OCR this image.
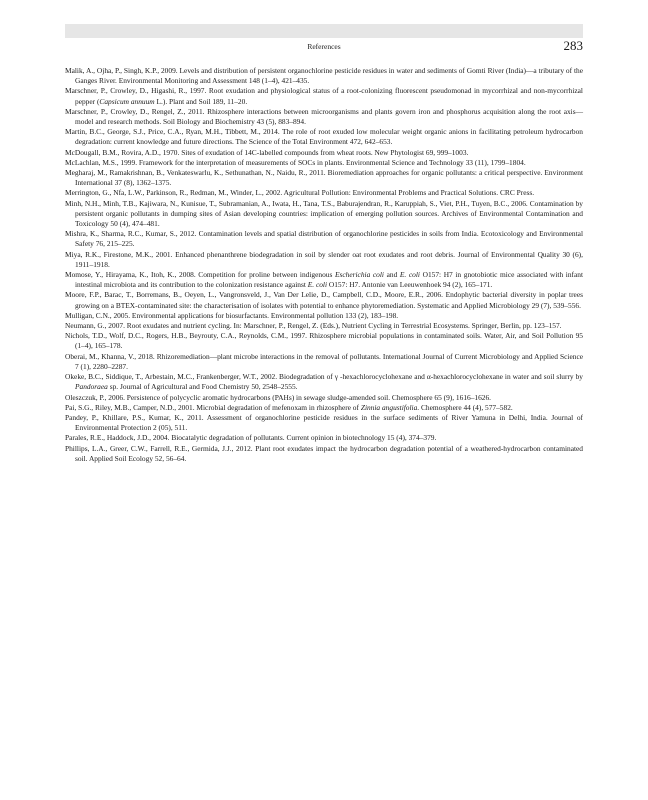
References	283
Malik, A., Ojha, P., Singh, K.P., 2009. Levels and distribution of persistent organochlorine pesticide residues in water and sediments of Gomti River (India)—a tributary of the Ganges River. Environmental Monitoring and Assessment 148 (1–4), 421–435.
Marschner, P., Crowley, D., Higashi, R., 1997. Root exudation and physiological status of a root-colonizing fluorescent pseudomonad in mycorrhizal and non-mycorrhizal pepper (Capsicum annuum L.). Plant and Soil 189, 11–20.
Marschner, P., Crowley, D., Rengel, Z., 2011. Rhizosphere interactions between microorganisms and plants govern iron and phosphorus acquisition along the root axis—model and research methods. Soil Biology and Biochemistry 43 (5), 883–894.
Martin, B.C., George, S.J., Price, C.A., Ryan, M.H., Tibbett, M., 2014. The role of root exuded low molecular weight organic anions in facilitating petroleum hydrocarbon degradation: current knowledge and future directions. The Science of the Total Environment 472, 642–653.
McDougall, B.M., Rovira, A.D., 1970. Sites of exudation of 14C-labelled compounds from wheat roots. New Phytologist 69, 999–1003.
McLachlan, M.S., 1999. Framework for the interpretation of measurements of SOCs in plants. Environmental Science and Technology 33 (11), 1799–1804.
Megharaj, M., Ramakrishnan, B., Venkateswarlu, K., Sethunathan, N., Naidu, R., 2011. Bioremediation approaches for organic pollutants: a critical perspective. Environment International 37 (8), 1362–1375.
Merrington, G., Nfa, L.W., Parkinson, R., Redman, M., Winder, L., 2002. Agricultural Pollution: Environmental Problems and Practical Solutions. CRC Press.
Minh, N.H., Minh, T.B., Kajiwara, N., Kunisue, T., Subramanian, A., Iwata, H., Tana, T.S., Baburajendran, R., Karuppiah, S., Viet, P.H., Tuyen, B.C., 2006. Contamination by persistent organic pollutants in dumping sites of Asian developing countries: implication of emerging pollution sources. Archives of Environmental Contamination and Toxicology 50 (4), 474–481.
Mishra, K., Sharma, R.C., Kumar, S., 2012. Contamination levels and spatial distribution of organochlorine pesticides in soils from India. Ecotoxicology and Environmental Safety 76, 215–225.
Miya, R.K., Firestone, M.K., 2001. Enhanced phenanthrene biodegradation in soil by slender oat root exudates and root debris. Journal of Environmental Quality 30 (6), 1911–1918.
Momose, Y., Hirayama, K., Itoh, K., 2008. Competition for proline between indigenous Escherichia coli and E. coli O157: H7 in gnotobiotic mice associated with infant intestinal microbiota and its contribution to the colonization resistance against E. coli O157: H7. Antonie van Leeuwenhoek 94 (2), 165–171.
Moore, F.P., Barac, T., Borremans, B., Oeyen, L., Vangronsveld, J., Van Der Lelie, D., Campbell, C.D., Moore, E.R., 2006. Endophytic bacterial diversity in poplar trees growing on a BTEX-contaminated site: the characterisation of isolates with potential to enhance phytoremediation. Systematic and Applied Microbiology 29 (7), 539–556.
Mulligan, C.N., 2005. Environmental applications for biosurfactants. Environmental pollution 133 (2), 183–198.
Neumann, G., 2007. Root exudates and nutrient cycling. In: Marschner, P., Rengel, Z. (Eds.), Nutrient Cycling in Terrestrial Ecosystems. Springer, Berlin, pp. 123–157.
Nichols, T.D., Wolf, D.C., Rogers, H.B., Beyrouty, C.A., Reynolds, C.M., 1997. Rhizosphere microbial populations in contaminated soils. Water, Air, and Soil Pollution 95 (1–4), 165–178.
Oberai, M., Khanna, V., 2018. Rhizoremediation—plant microbe interactions in the removal of pollutants. International Journal of Current Microbiology and Applied Science 7 (1), 2280–2287.
Okeke, B.C., Siddique, T., Arbestain, M.C., Frankenberger, W.T., 2002. Biodegradation of γ -hexachlorocyclohexane and α-hexachlorocyclohexane in water and soil slurry by Pandoraea sp. Journal of Agricultural and Food Chemistry 50, 2548–2555.
Oleszczuk, P., 2006. Persistence of polycyclic aromatic hydrocarbons (PAHs) in sewage sludge-amended soil. Chemosphere 65 (9), 1616–1626.
Pai, S.G., Riley, M.B., Camper, N.D., 2001. Microbial degradation of mefenoxam in rhizosphere of Zinnia angustifolia. Chemosphere 44 (4), 577–582.
Pandey, P., Khillare, P.S., Kumar, K., 2011. Assessment of organochlorine pesticide residues in the surface sediments of River Yamuna in Delhi, India. Journal of Environmental Protection 2 (05), 511.
Parales, R.E., Haddock, J.D., 2004. Biocatalytic degradation of pollutants. Current opinion in biotechnology 15 (4), 374–379.
Phillips, L.A., Greer, C.W., Farrell, R.E., Germida, J.J., 2012. Plant root exudates impact the hydrocarbon degradation potential of a weathered-hydrocarbon contaminated soil. Applied Soil Ecology 52, 56–64.
